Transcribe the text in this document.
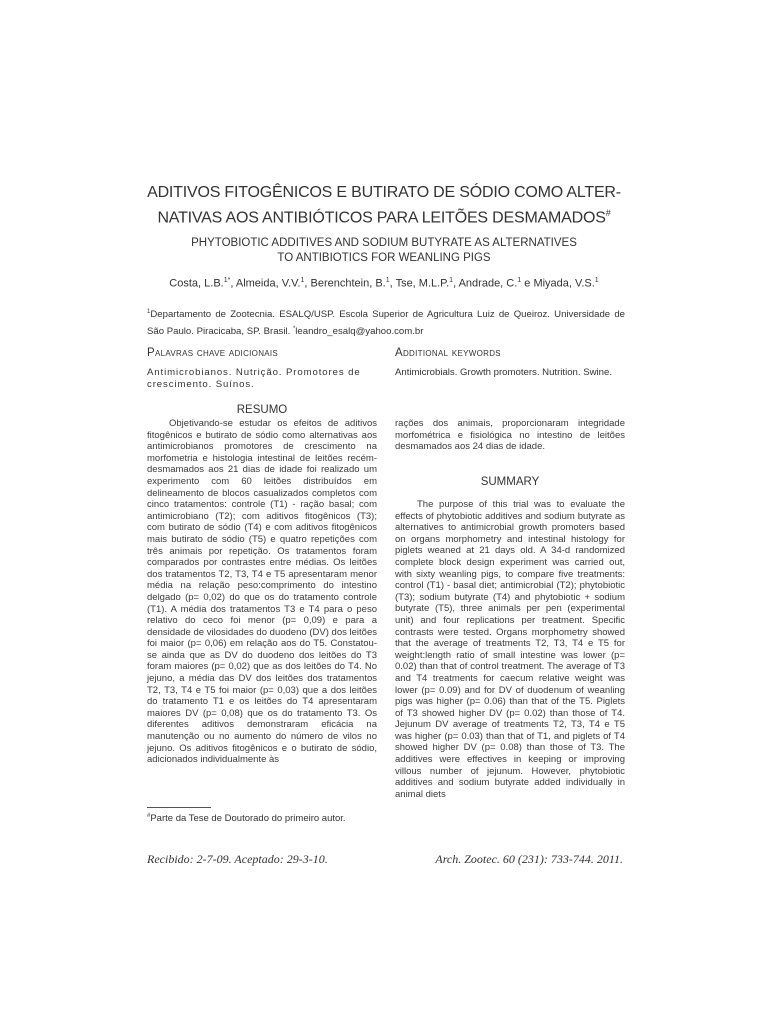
ADITIVOS FITOGÊNICOS E BUTIRATO DE SÓDIO COMO ALTER- NATIVAS AOS ANTIBIÓTICOS PARA LEITÕES DESMAMADOS#
PHYTOBIOTIC ADDITIVES AND SODIUM BUTYRATE AS ALTERNATIVES
TO ANTIBIOTICS FOR WEANLING PIGS
Costa, L.B.$^{1*}$, Almeida, V.V.$^1$, Berenchtein, B.$^1$, Tse, M.L.P.$^1$, Andrade, C.$^1$ e Miyada, V.S.$^1$
$^1$Departamento de Zootecnia. ESALQ/USP. Escola Superior de Agricultura Luiz de Queiroz. Universidade de São Paulo. Piracicaba, SP. Brasil. *leandro_esalq@yahoo.com.br
Palavras chave adicionais
Antimicrobianos. Nutrição. Promotores de crescimento. Suínos.
Additional keywords
Antimicrobials. Growth promoters. Nutrition. Swine.
RESUMO

Objetivando-se estudar os efeitos de aditivos fitogênicos e butirato de sódio como alternativas aos antimicrobianos promotores de crescimento na morfometria e histologia intestinal de leitões recém-desmamados aos 21 dias de idade foi realizado um experimento com 60 leitões distribuídos em delineamento de blocos casualizados completos com cinco tratamentos: controle (T1) - ração basal; com antimicrobiano (T2); com aditivos fitogênicos (T3); com butirato de sódio (T4) e com aditivos fitogênicos mais butirato de sódio (T5) e quatro repetições com três animais por repetição. Os tratamentos foram comparados por contrastes entre médias. Os leitões dos tratamentos T2, T3, T4 e T5 apresentaram menor média na relação peso:comprimento do intestino delgado (p= 0,02) do que os do tratamento controle (T1). A média dos tratamentos T3 e T4 para o peso relativo do ceco foi menor (p= 0,09) e para a densidade de vilosidades do duodeno (DV) dos leitões foi maior (p= 0,06) em relação aos do T5. Constatou-se ainda que as DV do duodeno dos leitões do T3 foram maiores (p= 0,02) que as dos leitões do T4. No jejuno, a média das DV dos leitões dos tratamentos T2, T3, T4 e T5 foi maior (p= 0,03) que a dos leitões do tratamento T1 e os leitões do T4 apresentaram maiores DV (p= 0,08) que os do tratamento T3. Os diferentes aditivos demonstraram eficácia na manutenção ou no aumento do número de vilos no jejuno. Os aditivos fitogênicos e o butirato de sódio, adicionados individualmente às

rações dos animais, proporcionaram integridade morfométrica e fisiológica no intestino de leitões desmamados aos 24 dias de idade.

SUMMARY

The purpose of this trial was to evaluate the effects of phytobiotic additives and sodium butyrate as alternatives to antimicrobial growth promoters based on organs morphometry and intestinal histology for piglets weaned at 21 days old. A 34-d randomized complete block design experiment was carried out, with sixty weanling pigs, to compare five treatments: control (T1) - basal diet; antimicrobial (T2); phytobiotic (T3); sodium butyrate (T4) and phytobiotic + sodium butyrate (T5), three animals per pen (experimental unit) and four replications per treatment. Specific contrasts were tested. Organs morphometry showed that the average of treatments T2, T3, T4 e T5 for weight:length ratio of small intestine was lower (p= 0.02) than that of control treatment. The average of T3 and T4 treatments for caecum relative weight was lower (p= 0.09) and for DV of duodenum of weanling pigs was higher (p= 0.06) than that of the T5. Piglets of T3 showed higher DV (p= 0.02) than those of T4. Jejunum DV average of treatments T2, T3, T4 e T5 was higher (p= 0.03) than that of T1, and piglets of T4 showed higher DV (p= 0.08) than those of T3. The additives were effectives in keeping or improving villous number of jejunum. However, phytobiotic additives and sodium butyrate added individually in animal diets

#Parte da Tese de Doutorado do primeiro autor.
Recibido: 2-7-09. Aceptado: 29-3-10.	Arch. Zootec. 60 (231): 733-744. 2011.
